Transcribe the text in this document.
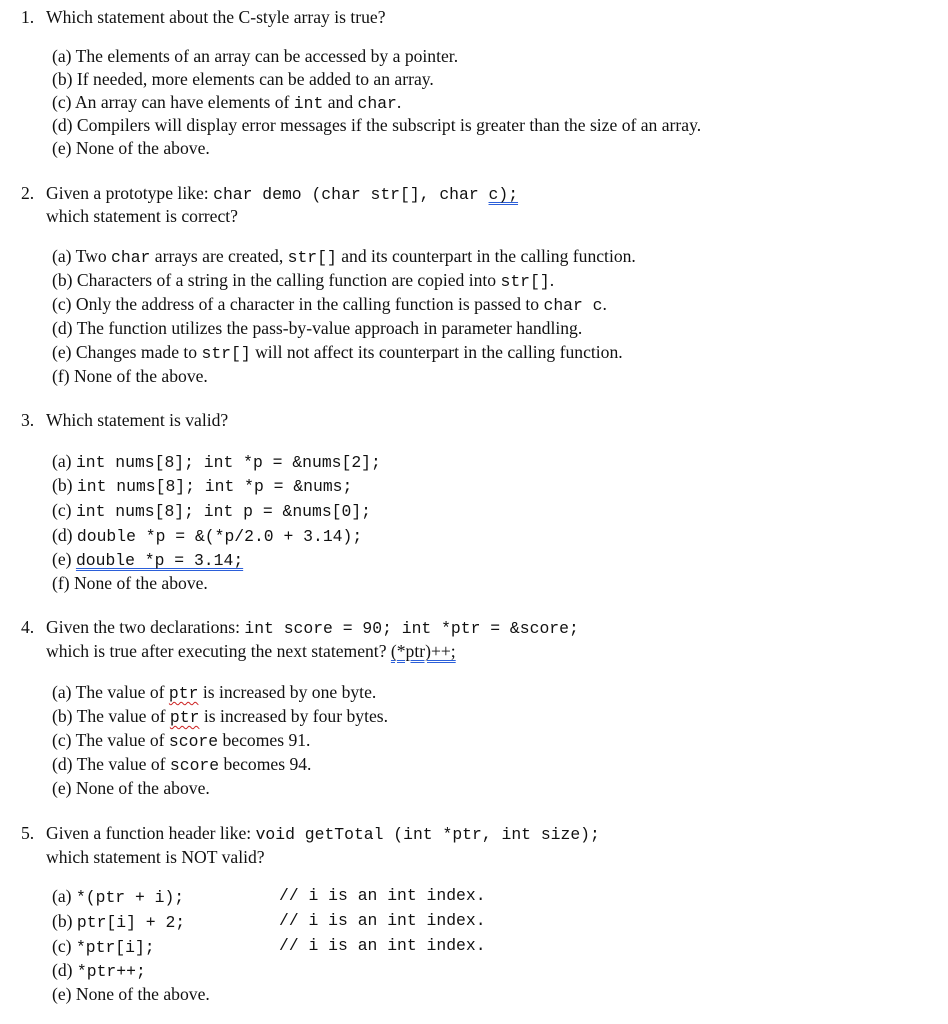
1. Which statement about the C-style array is true?
(a) The elements of an array can be accessed by a pointer.
(b) If needed, more elements can be added to an array.
(c) An array can have elements of int and char.
(d) Compilers will display error messages if the subscript is greater than the size of an array.
(e) None of the above.
2. Given a prototype like: char demo (char str[], char c);
which statement is correct?
(a) Two char arrays are created, str[] and its counterpart in the calling function.
(b) Characters of a string in the calling function are copied into str[].
(c) Only the address of a character in the calling function is passed to char c.
(d) The function utilizes the pass-by-value approach in parameter handling.
(e) Changes made to str[] will not affect its counterpart in the calling function.
(f) None of the above.
3. Which statement is valid?
(a) int nums[8]; int *p = &nums[2];
(b) int nums[8]; int *p = &nums;
(c) int nums[8]; int p = &nums[0];
(d) double *p = &(*p/2.0 + 3.14);
(e) double *p = 3.14;
(f) None of the above.
4. Given the two declarations: int score = 90; int *ptr = &score;
which is true after executing the next statement? (*ptr)++;
(a) The value of ptr is increased by one byte.
(b) The value of ptr is increased by four bytes.
(c) The value of score becomes 91.
(d) The value of score becomes 94.
(e) None of the above.
5. Given a function header like: void getTotal (int *ptr, int size);
which statement is NOT valid?
(a) *(ptr + i);	// i is an int index.
(b) ptr[i] + 2;	// i is an int index.
(c) *ptr[i];	// i is an int index.
(d) *ptr++;
(e) None of the above.
